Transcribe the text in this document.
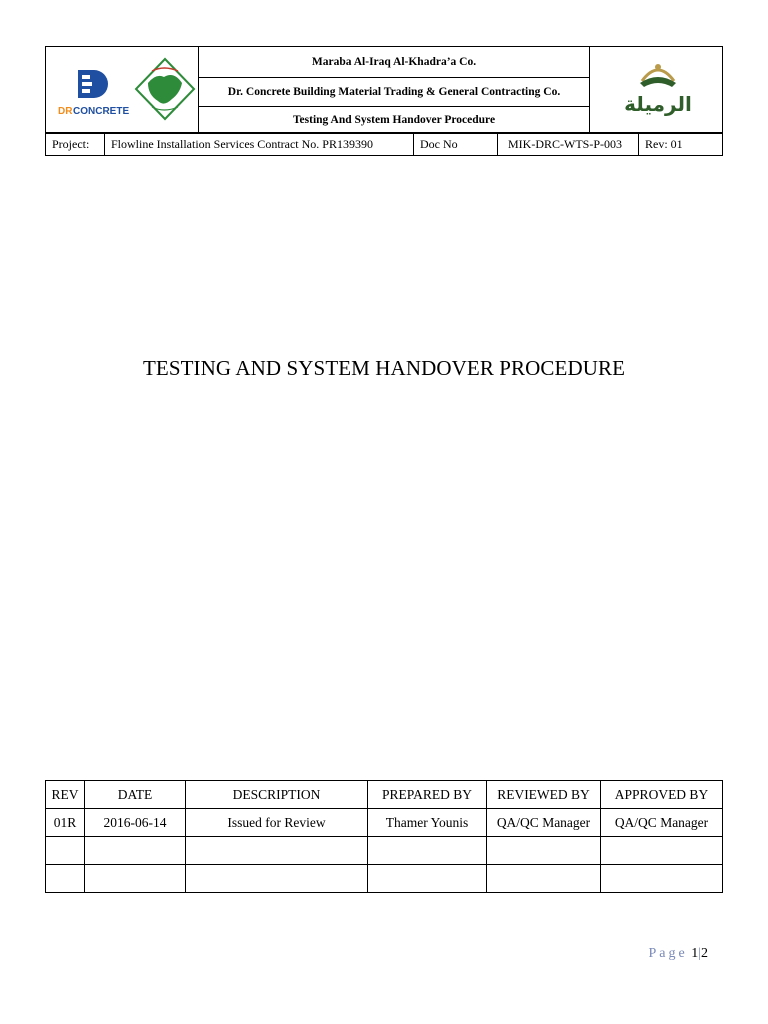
DR CONCRETE
	Maraba Al-Iraq Al-Khadra’a Co.	
الرميلة

Dr. Concrete Building Material Trading & General Contracting Co.
Testing And System Handover Procedure
Project:	Flowline Installation Services Contract No. PR139390	Doc No	MIK-DRC-WTS-P-003	Rev: 01
TESTING AND SYSTEM HANDOVER PROCEDURE
REV	DATE	DESCRIPTION	PREPARED BY	REVIEWED BY	APPROVED BY
01R	2016-06-14	Issued for Review	Thamer Younis	QA/QC Manager	QA/QC Manager

Page 1|2
